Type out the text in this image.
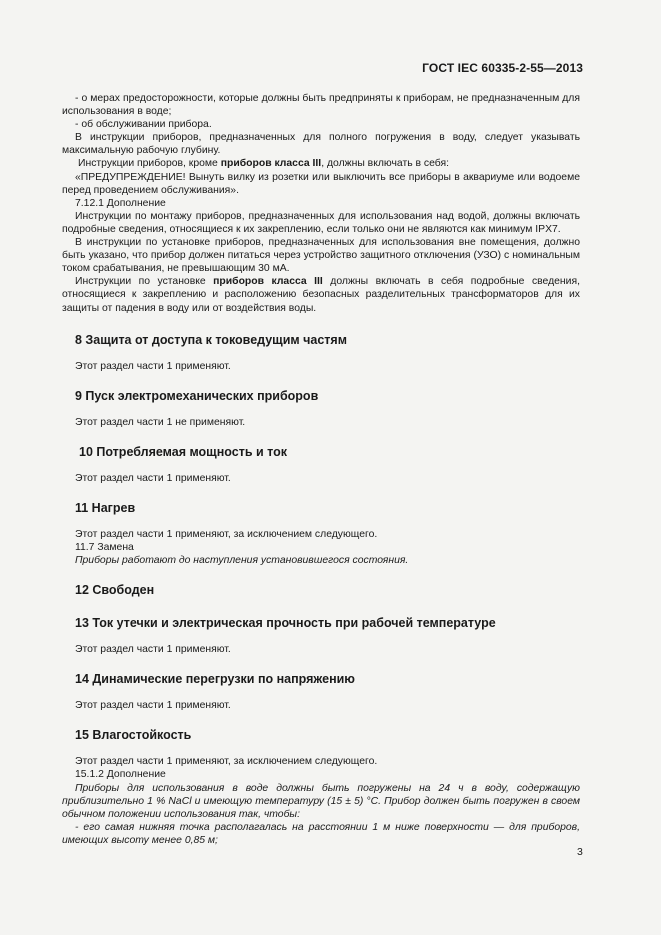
ГОСТ IEC 60335-2-55—2013

- о мерах предосторожности, которые должны быть предприняты к приборам, не предназначенным для использования в воде;

- об обслуживании прибора.

В инструкции приборов, предназначенных для полного погружения в воду, следует указывать максимальную рабочую глубину.

Инструкции приборов, кроме приборов класса III, должны включать в себя:

«ПРЕДУПРЕЖДЕНИЕ! Вынуть вилку из розетки или выключить все приборы в аквариуме или водоеме перед проведением обслуживания».

7.12.1 Дополнение

Инструкции по монтажу приборов, предназначенных для использования над водой, должны включать подробные сведения, относящиеся к их закреплению, если только они не являются как минимум IPX7.

В инструкции по установке приборов, предназначенных для использования вне помещения, должно быть указано, что прибор должен питаться через устройство защитного отключения (УЗО) с номинальным током срабатывания, не превышающим 30 мА.

Инструкции по установке приборов класса III должны включать в себя подробные сведения, относящиеся к закреплению и расположению безопасных разделительных трансформаторов для их защиты от падения в воду или от воздействия воды.

8 Защита от доступа к токоведущим частям

Этот раздел части 1 применяют.

9 Пуск электромеханических приборов

Этот раздел части 1 не применяют.

10 Потребляемая мощность и ток

Этот раздел части 1 применяют.

11 Нагрев

Этот раздел части 1 применяют, за исключением следующего.

11.7 Замена

Приборы работают до наступления установившегося состояния.

12 Свободен
13 Ток утечки и электрическая прочность при рабочей температуре

Этот раздел части 1 применяют.

14 Динамические перегрузки по напряжению

Этот раздел части 1 применяют.

15 Влагостойкость

Этот раздел части 1 применяют, за исключением следующего.

15.1.2 Дополнение

Приборы для использования в воде должны быть погружены на 24 ч в воду, содержащую приблизительно 1 % NaCl и имеющую температуру (15 ± 5) °С. Прибор должен быть погружен в своем обычном положении использования так, чтобы:

- его самая нижняя точка располагалась на расстоянии 1 м ниже поверхности — для приборов, имеющих высоту менее 0,85 м;

3
